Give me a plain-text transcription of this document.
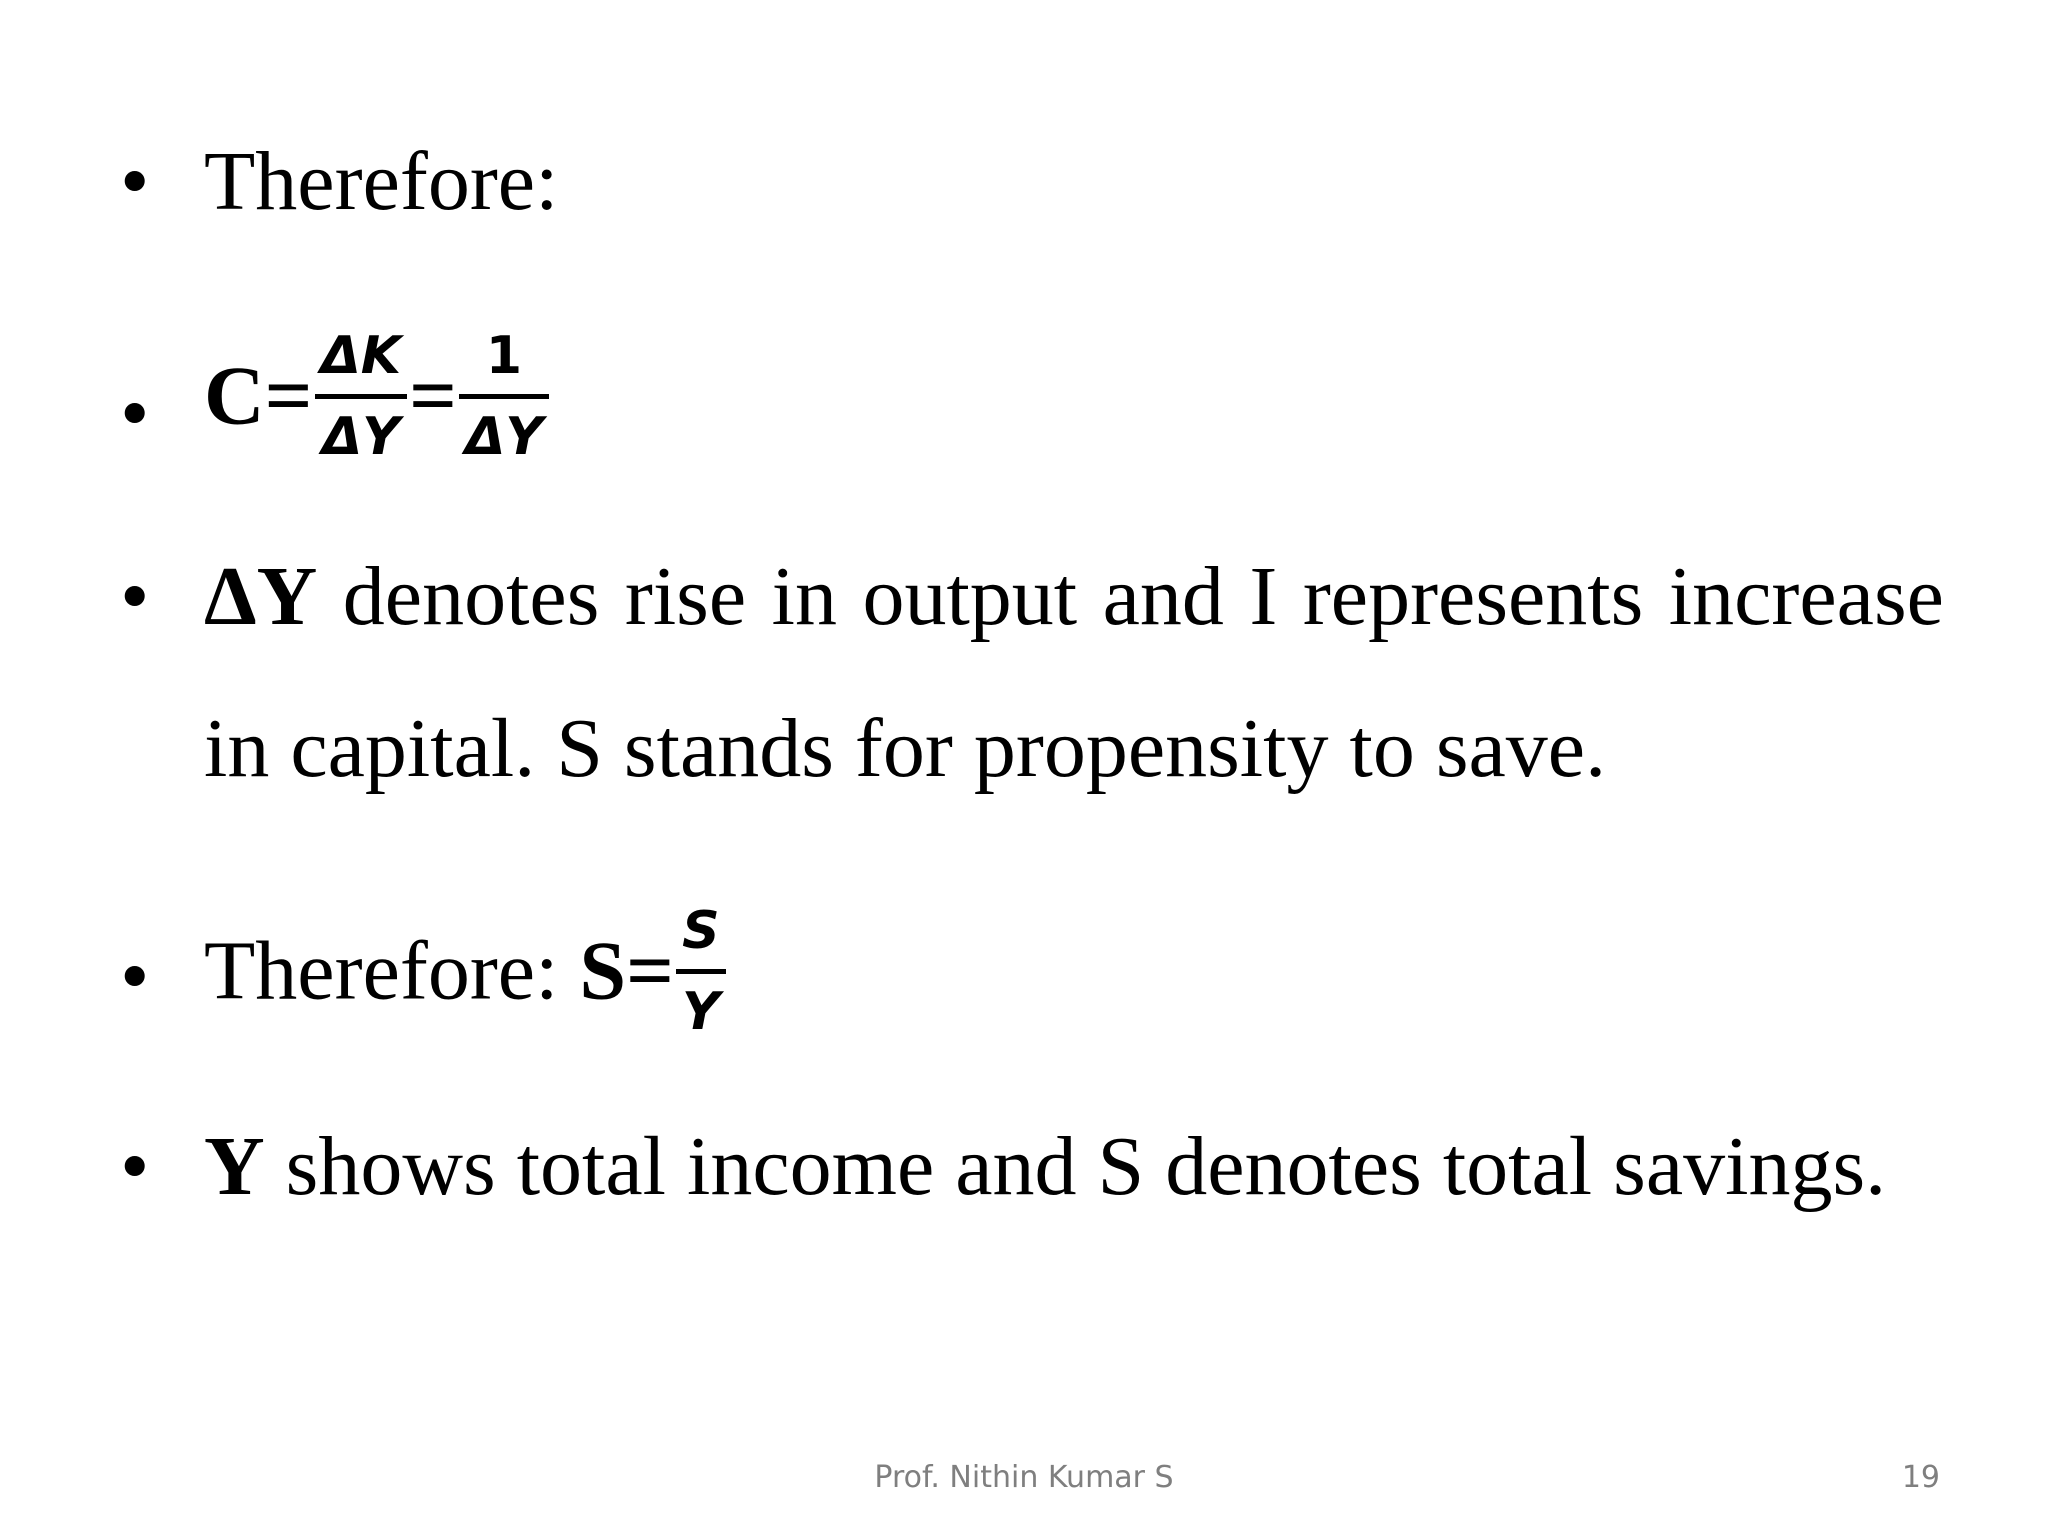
• Therefore:
• C= ΔK
ΔY = 1
ΔY
• ΔY denotes rise in output and I represents increase
in capital. S stands for propensity to save.
• Therefore: S= S
Y
• Y shows total income and S denotes total savings.
Prof. Nithin Kumar S	19
